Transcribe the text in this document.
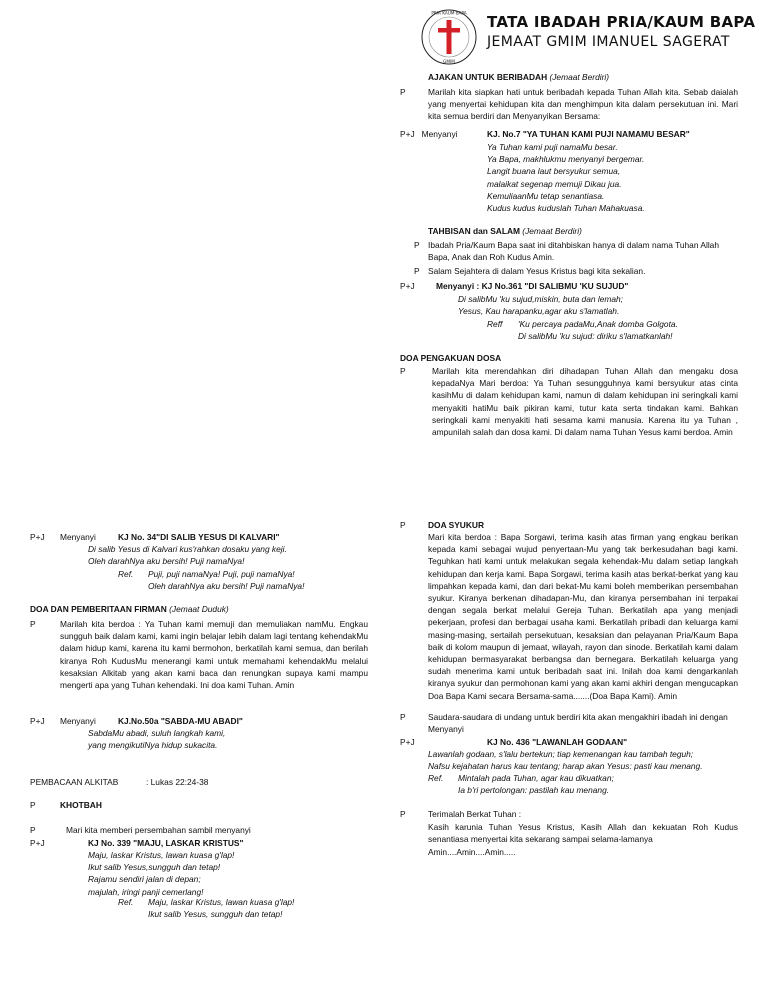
PRIA KAUM BAPA
GMIM
TATA IBADAH PRIA/KAUM BAPA
JEMAAT GMIM IMANUEL SAGERAT
AJAKAN UNTUK BERIBADAH (Jemaat Berdiri)
P	Marilah kita siapkan hati untuk beribadah kepada Tuhan Allah kita. Sebab daialah yang menyertai kehidupan kita dan menghimpun kita dalam persekutuan ini. Mari kita semua berdiri dan Menyanyikan Bersama:
P+J   Menyanyi	KJ. No.7 "YA TUHAN KAMI PUJI NAMAMU BESAR"
Ya Tuhan kami puji namaMu besar.
Ya Bapa, makhlukmu menyanyi bergemar.
Langit buana laut bersyukur semua,
malaikat segenap memuji Dikau jua.
KemuliaanMu tetap senantiasa.
Kudus kudus kuduslah Tuhan Mahakuasa.
TAHBISAN dan SALAM (Jemaat Berdiri)
P Ibadah Pria/Kaum Bapa saat ini ditahbiskan hanya di dalam nama Tuhan Allah Bapa, Anak dan Roh Kudus Amin.
P Salam Sejahtera di dalam Yesus Kristus bagi kita sekalian.
P+J	Menyanyi : KJ No.361 "DI SALIBMU 'KU SUJUD"
Di salibMu 'ku sujud,miskin, buta dan lemah;
Yesus, Kau harapanku,agar aku s'lamatlah.
Reff 'Ku percaya padaMu,Anak domba Golgota.
Di salibMu 'ku sujud: diriku s'lamatkanlah!
DOA PENGAKUAN DOSA
P	Marilah kita merendahkan diri dihadapan Tuhan Allah dan mengaku dosa kepadaNya Mari berdoa: Ya Tuhan sesungguhnya kami bersyukur atas cinta kasihMu di dalam kehidupan kami, namun di dalam kehidupan ini seringkali kami menyakiti hatiMu baik pikiran kami, tutur kata serta tindakan kami. Bahkan seringkali kami menyakiti hati sesama kami manusia. Karena itu ya Tuhan , ampunilah salah dan dosa kami. Di dalam nama Tuhan Yesus kami berdoa. Amin
P+J Menyanyi	KJ No. 34"DI SALIB YESUS DI KALVARI"
Di salib Yesus di Kalvari kus'rahkan dosaku yang keji.
Oleh darahNya aku bersih! Puji namaNya!
Ref. Puji, puji namaNya! Puji, puji namaNya!
Oleh darahNya aku bersih! Puji namaNya!
DOA DAN PEMBERITAAN FIRMAN (Jemaat Duduk)
P	Marilah kita berdoa : Ya Tuhan kami memuji dan memuliakan namMu. Engkau sungguh baik dalam kami, kami ingin belajar lebih dalam lagi tentang kehendakMu dalam hidup kami, karena itu kami bermohon, berkatilah kami semua, dan berilah kiranya Roh KudusMu menerangi kami untuk memahami kehendakMu melalui kesaksian Alkitab yang akan kami baca dan renungkan supaya kami mampu mengerti apa yang Tuhan kehendaki. Ini doa kami Tuhan. Amin
P+J Menyanyi	KJ.No.50a "SABDA-MU ABADI"
SabdaMu abadi, suluh langkah kami,
yang mengikutiNya hidup sukacita.
PEMBACAAN ALKITAB	: Lukas 22:24-38
P	KHOTBAH
P	Mari kita memberi persembahan sambil menyanyi
P+J	KJ No. 339 "MAJU, LASKAR KRISTUS"
Maju, laskar Kristus, lawan kuasa g'lap!
Ikut salib Yesus,sungguh dan tetap!
Rajamu sendiri jalan di depan;
majulah, iringi panji cemerlang!
Ref. Maju, laskar Kristus, lawan kuasa g'lap!
Ikut salib Yesus, sungguh dan tetap!
P	DOA SYUKUR
Mari kita berdoa : Bapa Sorgawi, terima kasih atas firman yang engkau berikan kepada kami sebagai wujud penyertaan-Mu yang tak berkesudahan bagi kami. Teguhkan hati kami untuk melakukan segala kehendak-Mu dalam setiap langkah kehidupan dan kerja kami. Bapa Sorgawi, terima kasih atas berkat-berkat yang kau limpahkan kepada kami, dan dari bekat-Mu kami boleh memberikan persembahan syukur. Kiranya berkenan dihadapan-Mu, dan kiranya persembahan ini terpakai dengan segala berkat melalui Gereja Tuhan. Berkatilah apa yang menjadi pekerjaan, profesi dan berbagai usaha kami. Berkatilah pribadi dan keluarga kami masing-masing, sertailah persekutuan, kesaksian dan pelayanan Pria/Kaum Bapa baik di kolom maupun di jemaat, wilayah, rayon dan sinode. Berkatilah kami dalam kehidupan bermasyarakat berbangsa dan bernegara. Berkatilah keluarga yang sudah menerima kami untuk beribadah saat ini. Inilah doa kami dengarkanlah kiranya syukur dan permohonan kami yang akan kami akhiri dengan mengucapkan Doa Bapa Kami secara Bersama-sama.......(Doa Bapa Kami). Amin
P	Saudara-saudara di undang untuk berdiri kita akan mengakhiri ibadah ini dengan Menyanyi
P+J	KJ No. 436 "LAWANLAH GODAAN"
Lawanlah godaan, s'lalu bertekun; tiap kemenangan kau tambah teguh;
Nafsu kejahatan harus kau tentang; harap akan Yesus: pasti kau menang.
Ref. Mintalah pada Tuhan, agar kau dikuatkan;
Ia b'ri pertolongan: pastilah kau menang.
P	Terimalah Berkat Tuhan :
Kasih karunia Tuhan Yesus Kristus, Kasih Allah dan kekuatan Roh Kudus senantiasa menyertai kita sekarang sampai selama-lamanya
Amin....Amin....Amin.....
